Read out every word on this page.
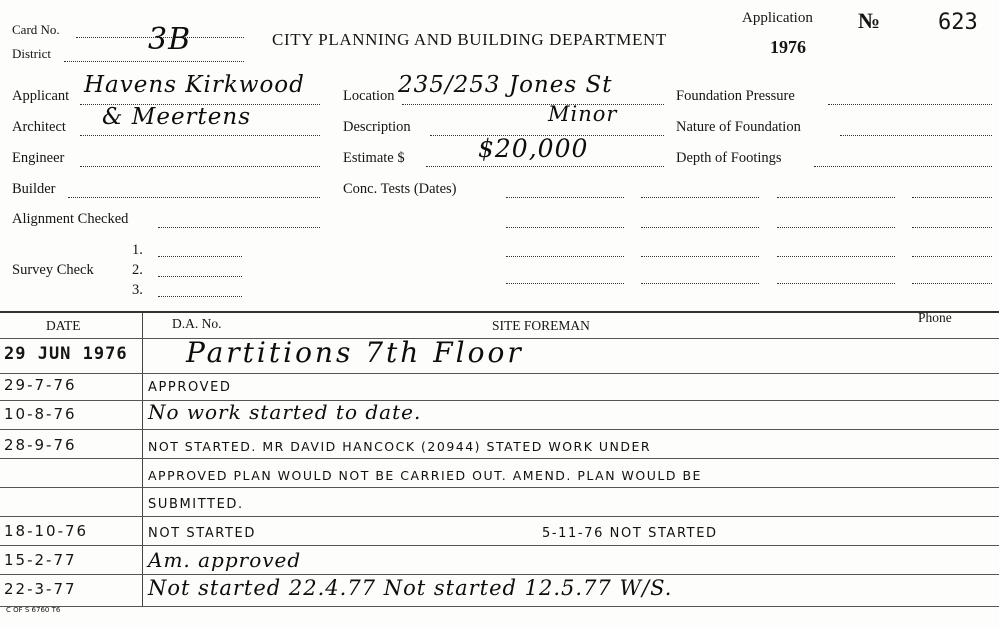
Card No.
District	3B	CITY PLANNING AND BUILDING DEPARTMENT
Application
1976
№	623
Applicant Havens Kirkwood
Architect & Meertens
Engineer
Builder
Alignment Checked
Survey Check
1.
2.
3.
Location 235/253 Jones St
Description
Minor
Estimate $	$20,000
Conc. Tests (Dates)
Foundation Pressure
Nature of Foundation
Depth of Footings
DATE	D.A. No.	SITE FOREMAN
Phone
29 JUN 1976	Partitions 7th Floor
29-7-76	APPROVED
10-8-76	No work started to date.
28-9-76	NOT STARTED. MR DAVID HANCOCK (20944) STATED WORK UNDER
APPROVED PLAN WOULD NOT BE CARRIED OUT. AMEND. PLAN WOULD BE
SUBMITTED.
18-10-76	NOT STARTED	5-11-76 NOT STARTED
15-2-77	Am. approved
22-3-77	Not started 22.4.77 Not started 12.5.77 W/S.
C OF S 6760 T6
